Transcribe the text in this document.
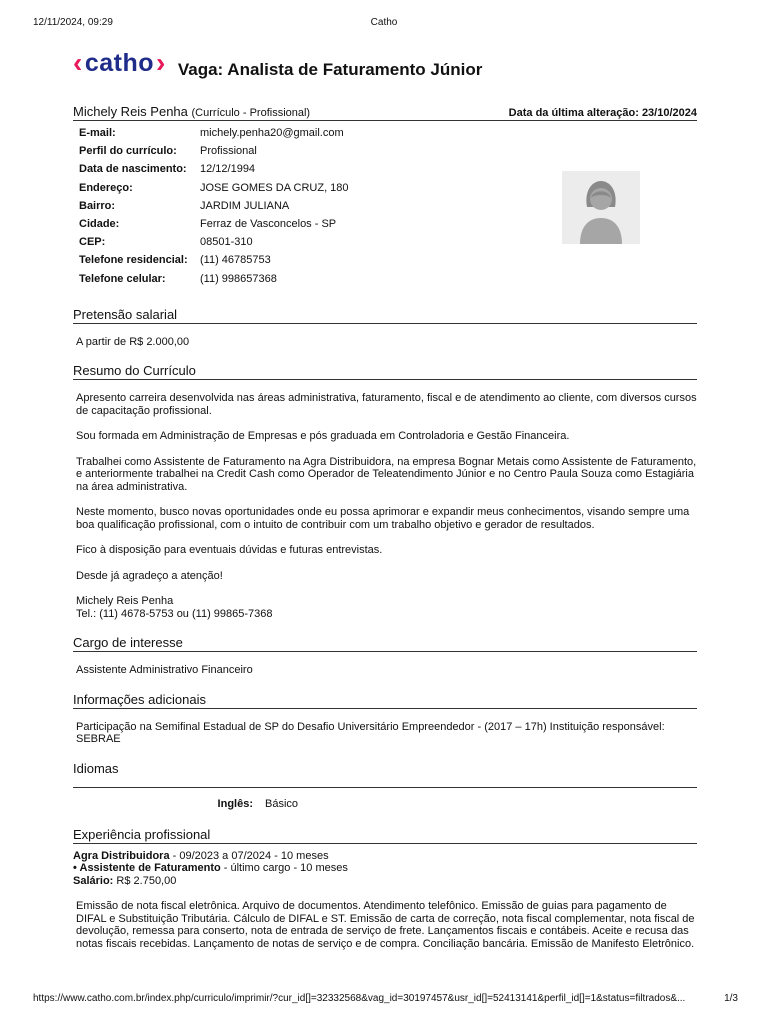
12/11/2024, 09:29	Catho
‹ catho › Vaga: Analista de Faturamento Júnior
Michely Reis Penha (Currículo - Profissional)	Data da última alteração: 23/10/2024
E-mail:	michely.penha20@gmail.com
Perfil do currículo:	Profissional
Data de nascimento:	12/12/1994
Endereço:	JOSE GOMES DA CRUZ, 180
Bairro:	JARDIM JULIANA
Cidade:	Ferraz de Vasconcelos - SP
CEP:	08501-310
Telefone residencial:	(11) 46785753
Telefone celular:	(11) 998657368
Pretensão salarial

A partir de R$ 2.000,00

Resumo do Currículo

Apresento carreira desenvolvida nas áreas administrativa, faturamento, fiscal e de atendimento ao cliente, com diversos cursos de capacitação profissional.

Sou formada em Administração de Empresas e pós graduada em Controladoria e Gestão Financeira.

Trabalhei como Assistente de Faturamento na Agra Distribuidora, na empresa Bognar Metais como Assistente de Faturamento, e anteriormente trabalhei na Credit Cash como Operador de Teleatendimento Júnior e no Centro Paula Souza como Estagiária na área administrativa.

Neste momento, busco novas oportunidades onde eu possa aprimorar e expandir meus conhecimentos, visando sempre uma boa qualificação profissional, com o intuito de contribuir com um trabalho objetivo e gerador de resultados.

Fico à disposição para eventuais dúvidas e futuras entrevistas.

Desde já agradeço a atenção!

Michely Reis Penha

Tel.: (11) 4678-5753 ou (11) 99865-7368

Cargo de interesse

Assistente Administrativo Financeiro

Informações adicionais

Participação na Semifinal Estadual de SP do Desafio Universitário Empreendedor - (2017 – 17h) Instituição responsável: SEBRAE

Idiomas
Inglês:	Básico
Experiência profissional
Agra Distribuidora - 09/2023 a 07/2024 - 10 meses
• Assistente de Faturamento - último cargo - 10 meses
Salário: R$ 2.750,00

Emissão de nota fiscal eletrônica. Arquivo de documentos. Atendimento telefônico. Emissão de guias para pagamento de DIFAL e Substituição Tributária. Cálculo de DIFAL e ST. Emissão de carta de correção, nota fiscal complementar, nota fiscal de devolução, remessa para conserto, nota de entrada de serviço de frete. Lançamentos fiscais e contábeis. Aceite e recusa das notas fiscais recebidas. Lançamento de notas de serviço e de compra. Conciliação bancária. Emissão de Manifesto Eletrônico.

https://www.catho.com.br/index.php/curriculo/imprimir/?cur_id[]=32332568&vag_id=30197457&usr_id[]=52413141&perfil_id[]=1&status=filtrados&...	1/3
